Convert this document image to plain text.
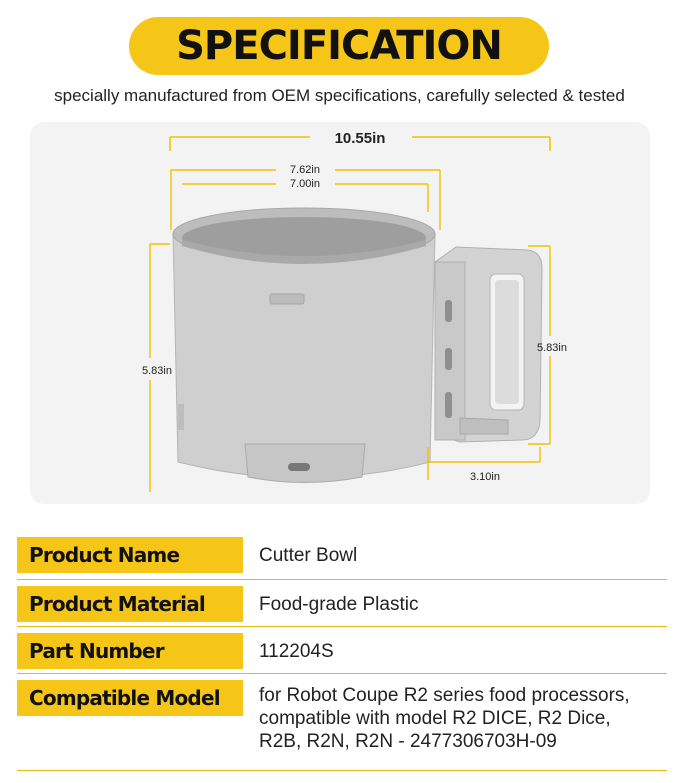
SPECIFICATION
specially manufactured from OEM specifications, carefully selected & tested
10.55in
7.62in
7.00in
5.83in
5.83in
3.10in
Product Name	Cutter Bowl
Product Material	Food-grade Plastic
Part Number	112204S
Compatible Model	for Robot Coupe R2 series food processors,
compatible with model R2 DICE, R2 Dice,
R2B, R2N, R2N - 2477306703H-09
